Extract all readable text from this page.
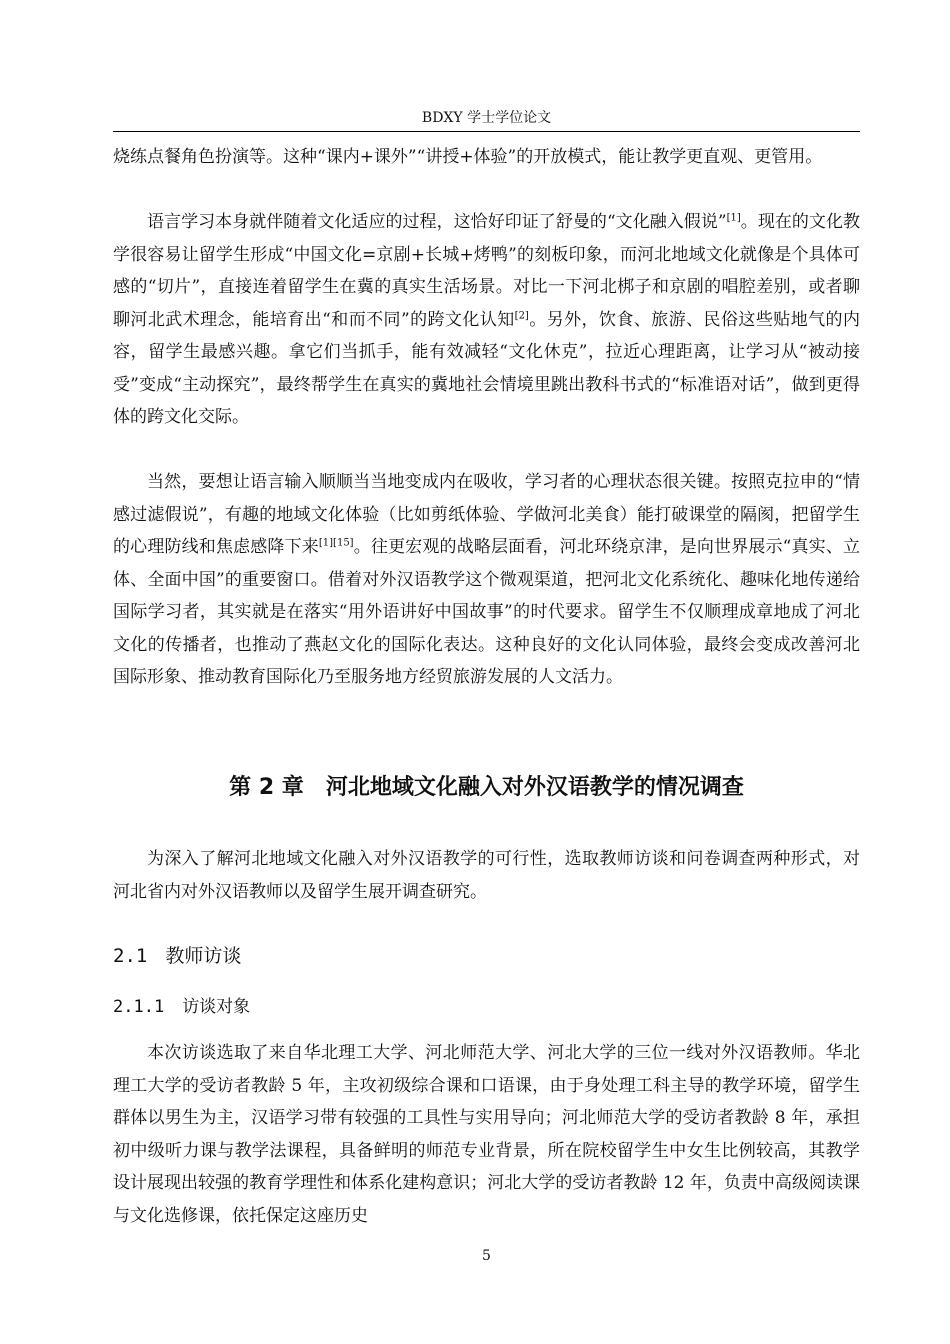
BDXY 学士学位论文

烧练点餐角色扮演等。这种“课内+课外”“讲授+体验”的开放模式，能让教学更直观、更管用。

语言学习本身就伴随着文化适应的过程，这恰好印证了舒曼的“文化融入假说”[1]。现在的文化教学很容易让留学生形成“中国文化=京剧+长城+烤鸭”的刻板印象，而河北地域文化就像是个具体可感的“切片”，直接连着留学生在冀的真实生活场景。对比一下河北梆子和京剧的唱腔差别，或者聊聊河北武术理念，能培育出“和而不同”的跨文化认知[2]。另外，饮食、旅游、民俗这些贴地气的内容，留学生最感兴趣。拿它们当抓手，能有效减轻“文化休克”，拉近心理距离，让学习从“被动接受”变成“主动探究”，最终帮学生在真实的冀地社会情境里跳出教科书式的“标准语对话”，做到更得体的跨文化交际。

当然，要想让语言输入顺顺当当地变成内在吸收，学习者的心理状态很关键。按照克拉申的“情感过滤假说”，有趣的地域文化体验（比如剪纸体验、学做河北美食）能打破课堂的隔阂，把留学生的心理防线和焦虑感降下来[1][15]。往更宏观的战略层面看，河北环绕京津，是向世界展示“真实、立体、全面中国”的重要窗口。借着对外汉语教学这个微观渠道，把河北文化系统化、趣味化地传递给国际学习者，其实就是在落实“用外语讲好中国故事”的时代要求。留学生不仅顺理成章地成了河北文化的传播者，也推动了燕赵文化的国际化表达。这种良好的文化认同体验，最终会变成改善河北国际形象、推动教育国际化乃至服务地方经贸旅游发展的人文活力。

第 2 章 河北地域文化融入对外汉语教学的情况调查

为深入了解河北地域文化融入对外汉语教学的可行性，选取教师访谈和问卷调查两种形式，对河北省内对外汉语教师以及留学生展开调查研究。

2.1 教师访谈
2.1.1 访谈对象

本次访谈选取了来自华北理工大学、河北师范大学、河北大学的三位一线对外汉语教师。华北理工大学的受访者教龄 5 年，主攻初级综合课和口语课，由于身处理工科主导的教学环境，留学生群体以男生为主，汉语学习带有较强的工具性与实用导向；河北师范大学的受访者教龄 8 年，承担初中级听力课与教学法课程，具备鲜明的师范专业背景，所在院校留学生中女生比例较高，其教学设计展现出较强的教育学理性和体系化建构意识；河北大学的受访者教龄 12 年，负责中高级阅读课与文化选修课，依托保定这座历史

5
